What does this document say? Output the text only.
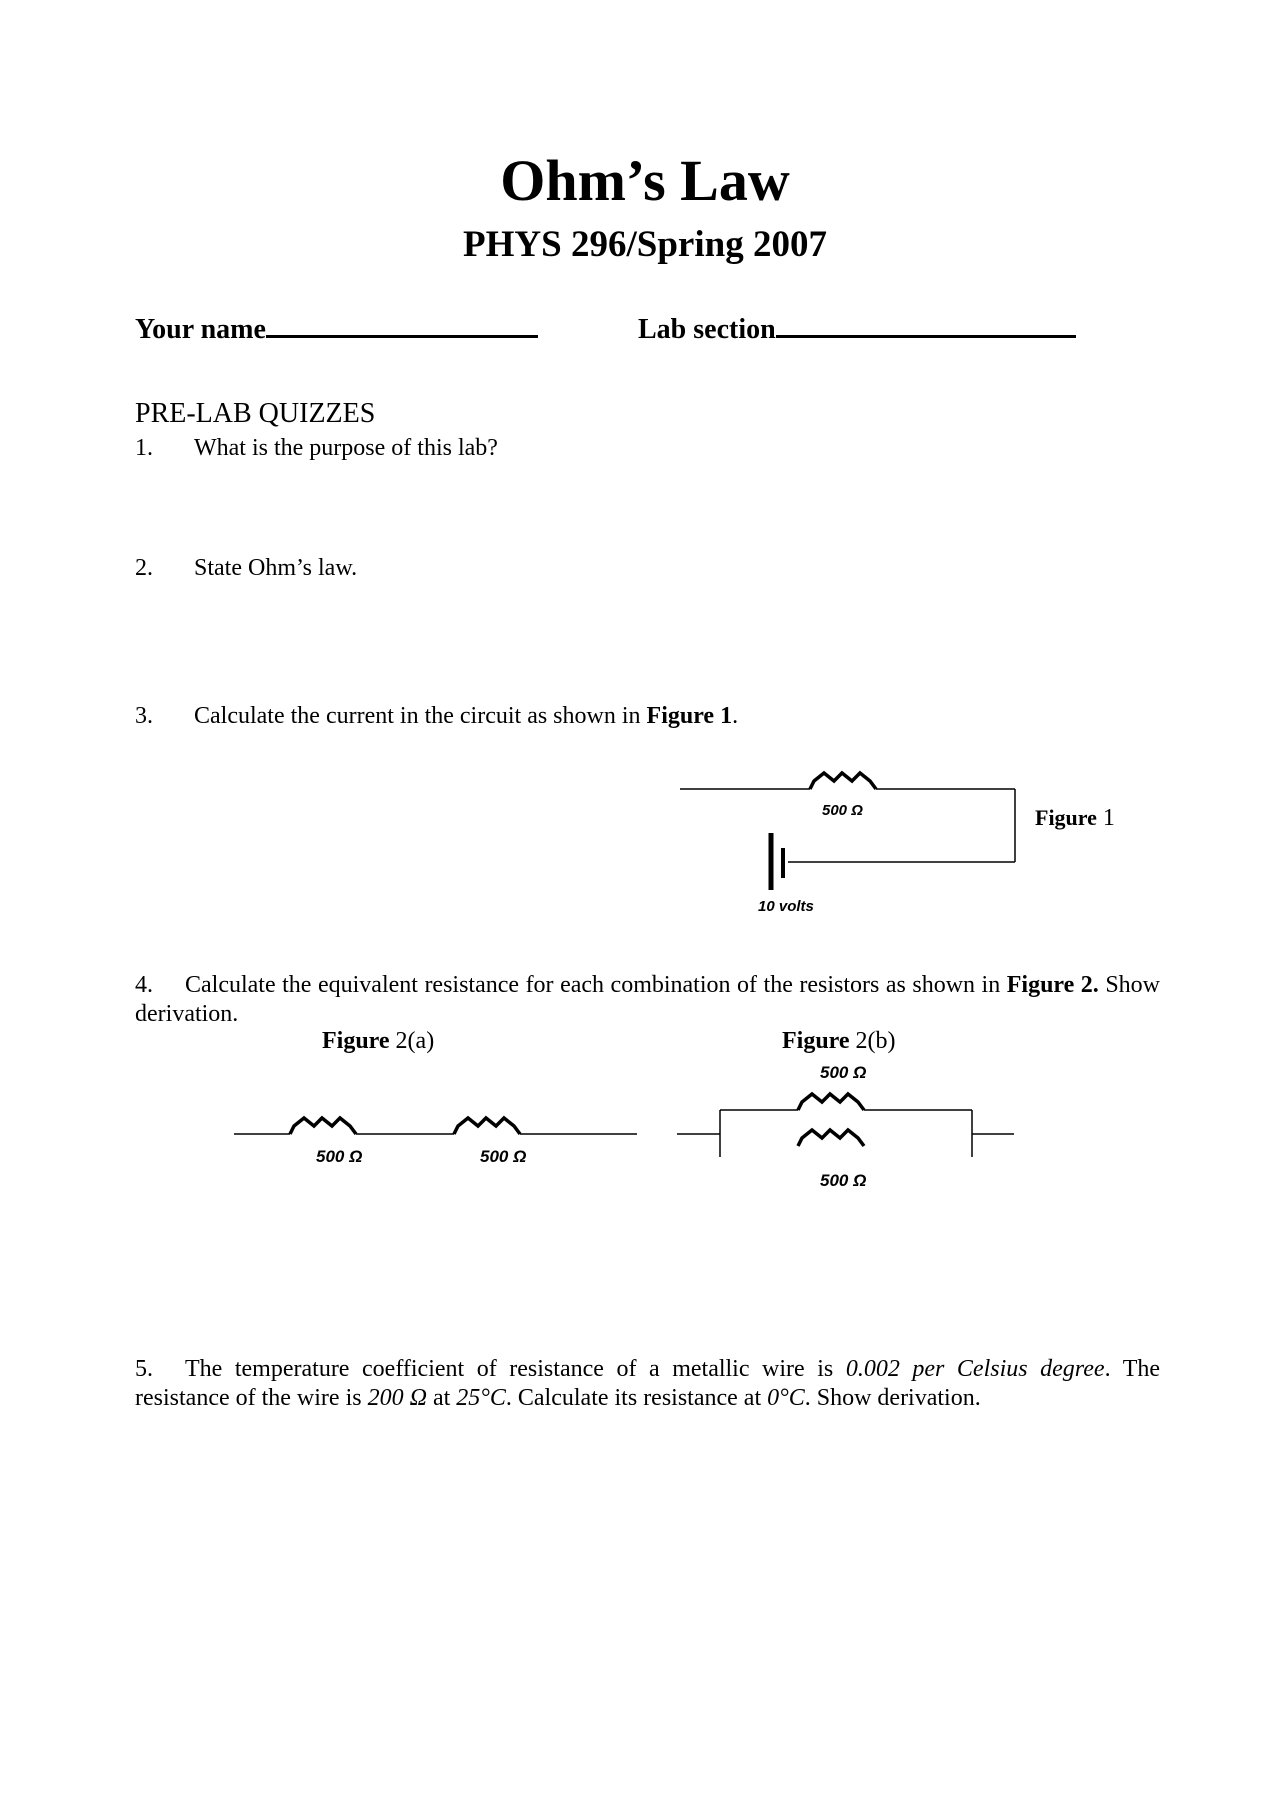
Ohm’s Law
PHYS 296/Spring 2007
Your name	Lab section
PRE-LAB QUIZZES
1. What is the purpose of this lab?
2. State Ohm’s law.
3. Calculate the current in the circuit as shown in Figure 1.
500 Ω
10 volts
Figure 1
4. Calculate the equivalent resistance for each combination of the resistors as shown in Figure 2. Show derivation.
Figure 2(a)
500 Ω	500 Ω
Figure 2(b)
500 Ω
500 Ω
5. The temperature coefficient of resistance of a metallic wire is 0.002 per Celsius degree. The resistance of the wire is 200 Ω at 25°C. Calculate its resistance at 0°C. Show derivation.
